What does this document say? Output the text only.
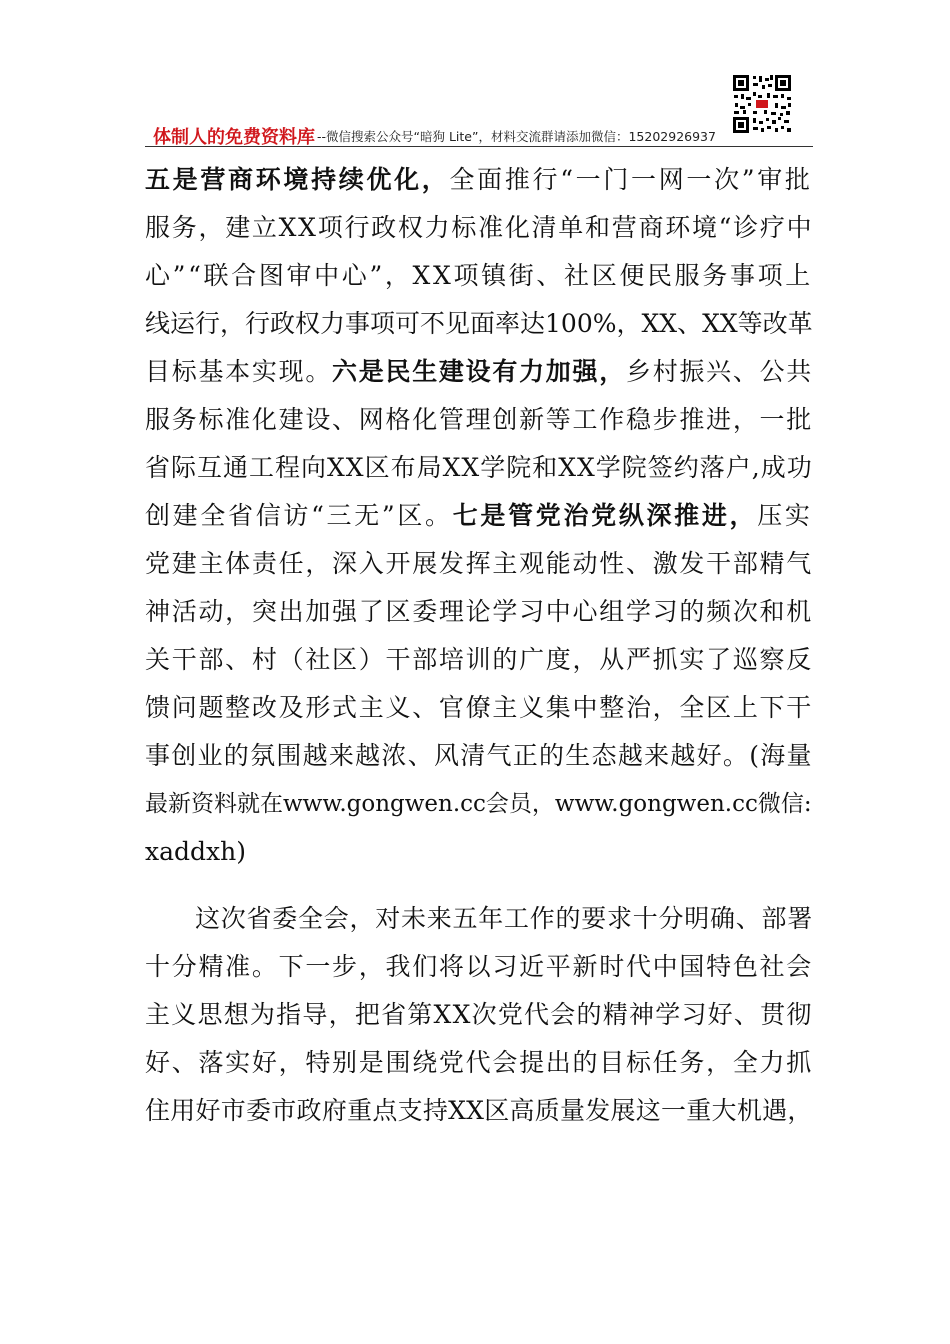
体制人的免费资料库 --微信搜索公众号“暗狗 Lite”，材料交流群请添加微信：15202926937
五是营商环境持续优化，全面推行“一门一网一次”审批
服务，建立XX项行政权力标准化清单和营商环境“诊疗中
心”“联合图审中心”，XX项镇街、社区便民服务事项上
线运行，行政权力事项可不见面率达100%，XX、XX等改革
目标基本实现。六是民生建设有力加强，乡村振兴、公共
服务标准化建设、网格化管理创新等工作稳步推进，一批
省际互通工程向XX区布局XX学院和XX学院签约落户,成功
创建全省信访“三无”区。七是管党治党纵深推进，压实
党建主体责任，深入开展发挥主观能动性、激发干部精气
神活动，突出加强了区委理论学习中心组学习的频次和机
关干部、村（社区）干部培训的广度，从严抓实了巡察反
馈问题整改及形式主义、官僚主义集中整治，全区上下干
事创业的氛围越来越浓、风清气正的生态越来越好。(海量
最新资料就在www.gongwen.cc会员，www.gongwen.cc微信:
xaddxh)
这次省委全会，对未来五年工作的要求十分明确、部署
十分精准。下一步，我们将以习近平新时代中国特色社会
主义思想为指导，把省第XX次党代会的精神学习好、贯彻
好、落实好，特别是围绕党代会提出的目标任务，全力抓
住用好市委市政府重点支持XX区高质量发展这一重大机遇，
